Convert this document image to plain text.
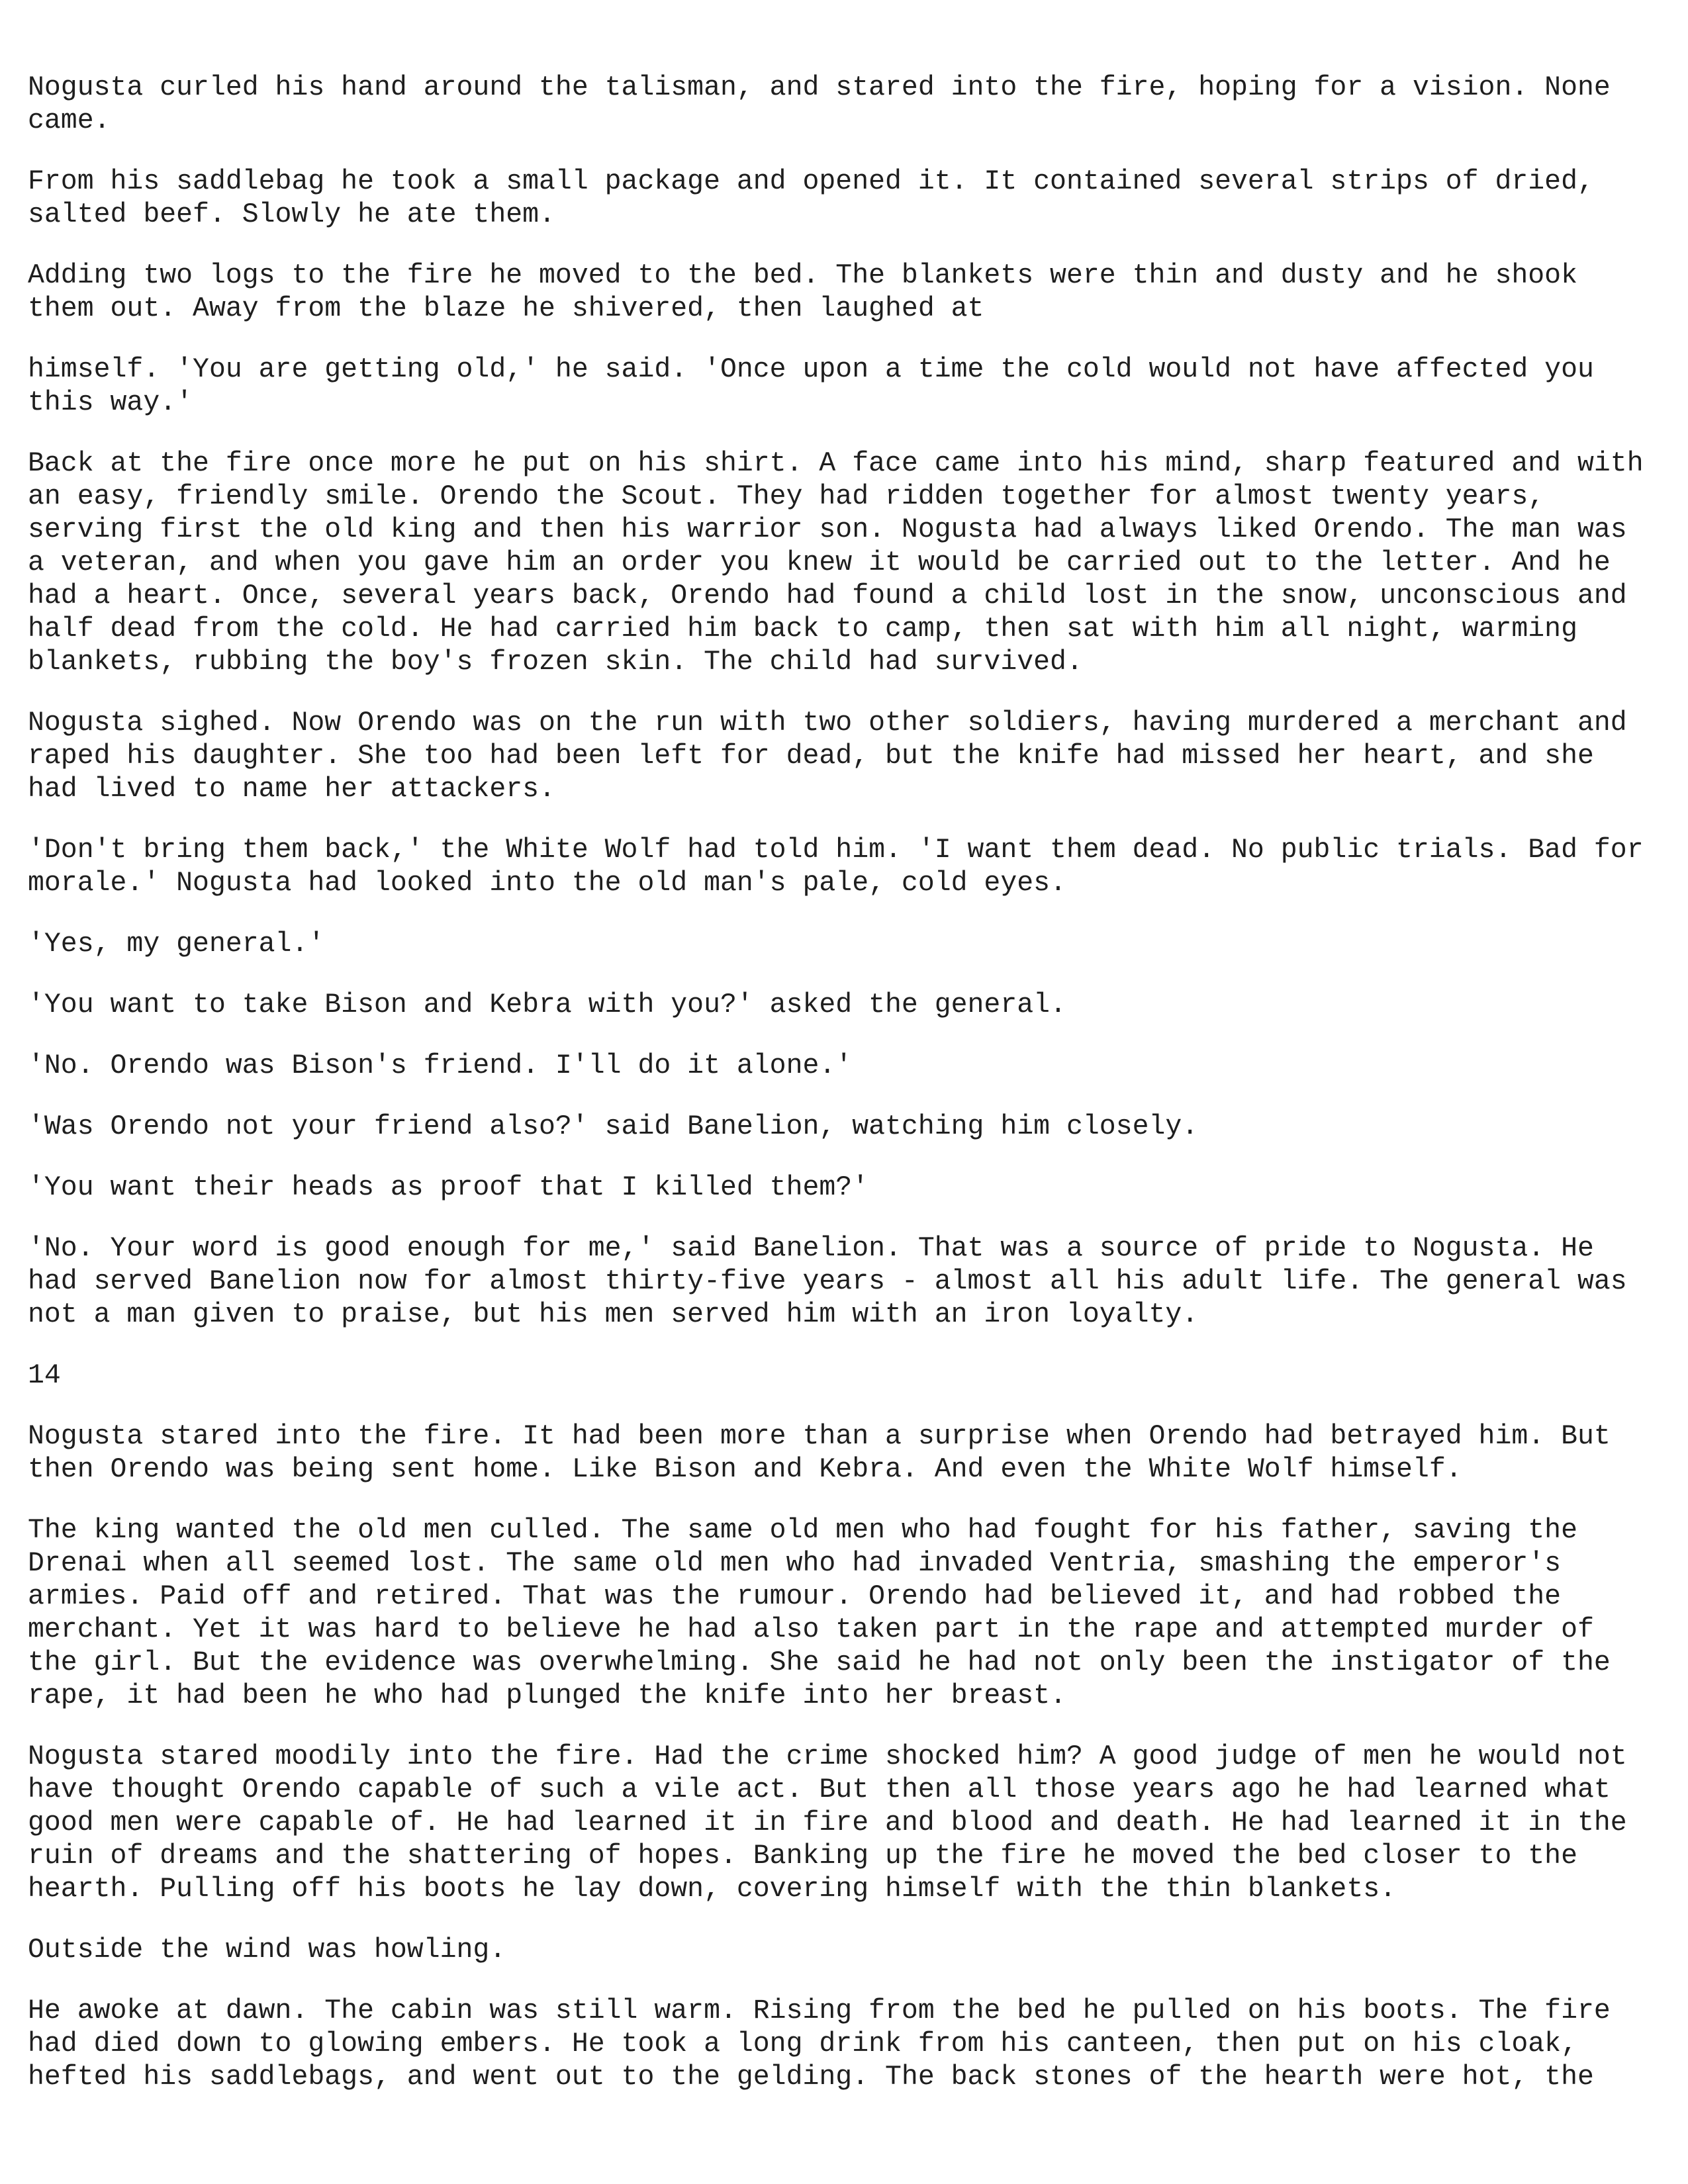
Nogusta curled his hand around the talisman, and stared into the fire, hoping for a vision. None
came.

From his saddlebag he took a small package and opened it. It contained several strips of dried,
salted beef. Slowly he ate them.

Adding two logs to the fire he moved to the bed. The blankets were thin and dusty and he shook
them out. Away from the blaze he shivered, then laughed at

himself. 'You are getting old,' he said. 'Once upon a time the cold would not have affected you
this way.'

Back at the fire once more he put on his shirt. A face came into his mind, sharp featured and with
an easy, friendly smile. Orendo the Scout. They had ridden together for almost twenty years,
serving first the old king and then his warrior son. Nogusta had always liked Orendo. The man was
a veteran, and when you gave him an order you knew it would be carried out to the letter. And he
had a heart. Once, several years back, Orendo had found a child lost in the snow, unconscious and
half dead from the cold. He had carried him back to camp, then sat with him all night, warming
blankets, rubbing the boy's frozen skin. The child had survived.

Nogusta sighed. Now Orendo was on the run with two other soldiers, having murdered a merchant and
raped his daughter. She too had been left for dead, but the knife had missed her heart, and she
had lived to name her attackers.

'Don't bring them back,' the White Wolf had told him. 'I want them dead. No public trials. Bad for
morale.' Nogusta had looked into the old man's pale, cold eyes.

'Yes, my general.'

'You want to take Bison and Kebra with you?' asked the general.

'No. Orendo was Bison's friend. I'll do it alone.'

'Was Orendo not your friend also?' said Banelion, watching him closely.

'You want their heads as proof that I killed them?'

'No. Your word is good enough for me,' said Banelion. That was a source of pride to Nogusta. He
had served Banelion now for almost thirty-five years - almost all his adult life. The general was
not a man given to praise, but his men served him with an iron loyalty.

14

Nogusta stared into the fire. It had been more than a surprise when Orendo had betrayed him. But
then Orendo was being sent home. Like Bison and Kebra. And even the White Wolf himself.

The king wanted the old men culled. The same old men who had fought for his father, saving the
Drenai when all seemed lost. The same old men who had invaded Ventria, smashing the emperor's
armies. Paid off and retired. That was the rumour. Orendo had believed it, and had robbed the
merchant. Yet it was hard to believe he had also taken part in the rape and attempted murder of
the girl. But the evidence was overwhelming. She said he had not only been the instigator of the
rape, it had been he who had plunged the knife into her breast.

Nogusta stared moodily into the fire. Had the crime shocked him? A good judge of men he would not
have thought Orendo capable of such a vile act. But then all those years ago he had learned what
good men were capable of. He had learned it in fire and blood and death. He had learned it in the
ruin of dreams and the shattering of hopes. Banking up the fire he moved the bed closer to the
hearth. Pulling off his boots he lay down, covering himself with the thin blankets.

Outside the wind was howling.

He awoke at dawn. The cabin was still warm. Rising from the bed he pulled on his boots. The fire
had died down to glowing embers. He took a long drink from his canteen, then put on his cloak,
hefted his saddlebags, and went out to the gelding. The back stones of the hearth were hot, the
